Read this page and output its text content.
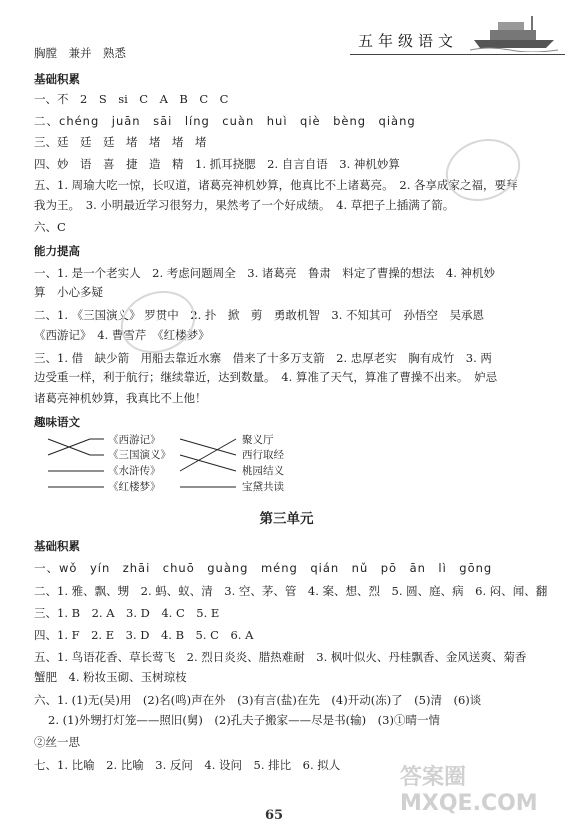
五年级语文
胸膛　兼并　熟悉
基础积累
一、不　2　S　si　C　A　B　C　C
二、chéng　juān　sāi　líng　cuàn　huì　qiè　bèng　qiàng
三、廷　廷　廷　堵　堵　堵　堵
四、妙　语　喜　捷　造　精　1. 抓耳挠腮　2. 自言自语　3. 神机妙算
五、1. 周瑜大吃一惊，长叹道，诸葛亮神机妙算，他真比不上诸葛亮。　2. 各享成家之福，要拜
我为王。　3. 小明最近学习很努力，果然考了一个好成绩。　4. 草把子上插满了箭。
六、C
能力提高
一、1. 是一个老实人　2. 考虑问题周全　3. 诸葛亮　鲁肃　料定了曹操的想法　4. 神机妙
算　小心多疑
二、1. 《三国演义》 罗贯中　2. 扑　掀　剪　勇敢机智　3. 不知其可　孙悟空　吴承恩
《西游记》　4. 曹雪芹　《红楼梦》
三、1. 借　缺少箭　用船去靠近水寨　借来了十多万支箭　2. 忠厚老实　胸有成竹　3. 两
边受重一样，利于航行；继续靠近，达到数量。　4. 算准了天气，算准了曹操不出来。　妒忌
诸葛亮神机妙算，我真比不上他！
趣味语文
《西游记》
《三国演义》
《水浒传》
《红楼梦》
聚义厅
西行取经
桃园结义
宝黛共读
第三单元
基础积累
一、wǒ　yín　zhāi　chuō　guàng　méng　qián　nǔ　pō　ān　lì　gōng
二、1. 雅、飘、甥　2. 蚂、蚁、清　3. 空、茅、管　4. 案、想、烈　5. 圆、庭、病　6. 闷、闻、翻
三、1. B　2. A　3. D　4. C　5. E
四、1. F　2. E　3. D　4. B　5. C　6. A
五、1. 鸟语花香、草长莺飞　2. 烈日炎炎、腊热难耐　3. 枫叶似火、丹桂飘香、金风送爽、菊香
蟹肥　4. 粉妆玉砌、玉树琼枝
六、1. (1)无(吴)用　(2)名(鸣)声在外　(3)有言(盐)在先　(4)开动(冻)了　(5)清　(6)谈
2. (1)外甥打灯笼——照旧(舅)　(2)孔夫子搬家——尽是书(输)　(3)①晴一情
②丝一思
七、1. 比喻　2. 比喻　3. 反问　4. 设问　5. 排比　6. 拟人	答案圈 MXQE.COM
65
